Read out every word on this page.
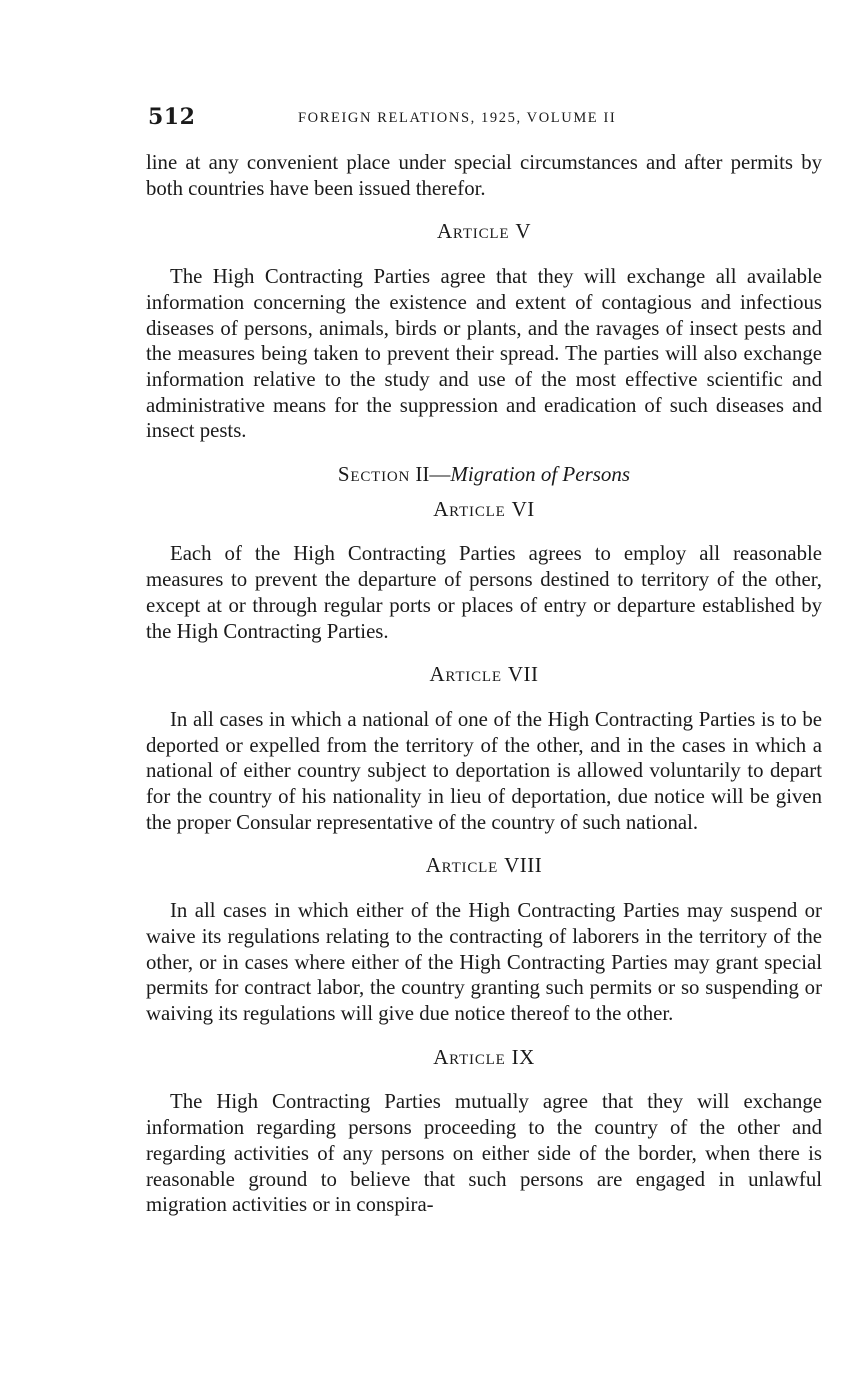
512	FOREIGN RELATIONS, 1925, VOLUME II

line at any convenient place under special circumstances and after permits by both countries have been issued therefor.

Article V

The High Contracting Parties agree that they will exchange all available information concerning the existence and extent of contagious and infectious diseases of persons, animals, birds or plants, and the ravages of insect pests and the measures being taken to prevent their spread. The parties will also exchange information relative to the study and use of the most effective scientific and administrative means for the suppression and eradication of such diseases and insect pests.

Section II—Migration of Persons

Article VI

Each of the High Contracting Parties agrees to employ all reasonable measures to prevent the departure of persons destined to territory of the other, except at or through regular ports or places of entry or departure established by the High Contracting Parties.

Article VII

In all cases in which a national of one of the High Contracting Parties is to be deported or expelled from the territory of the other, and in the cases in which a national of either country subject to deportation is allowed voluntarily to depart for the country of his nationality in lieu of deportation, due notice will be given the proper Consular representative of the country of such national.

Article VIII

In all cases in which either of the High Contracting Parties may suspend or waive its regulations relating to the contracting of laborers in the territory of the other, or in cases where either of the High Contracting Parties may grant special permits for contract labor, the country granting such permits or so suspending or waiving its regulations will give due notice thereof to the other.

Article IX

The High Contracting Parties mutually agree that they will exchange information regarding persons proceeding to the country of the other and regarding activities of any persons on either side of the border, when there is reasonable ground to believe that such persons are engaged in unlawful migration activities or in conspira-
